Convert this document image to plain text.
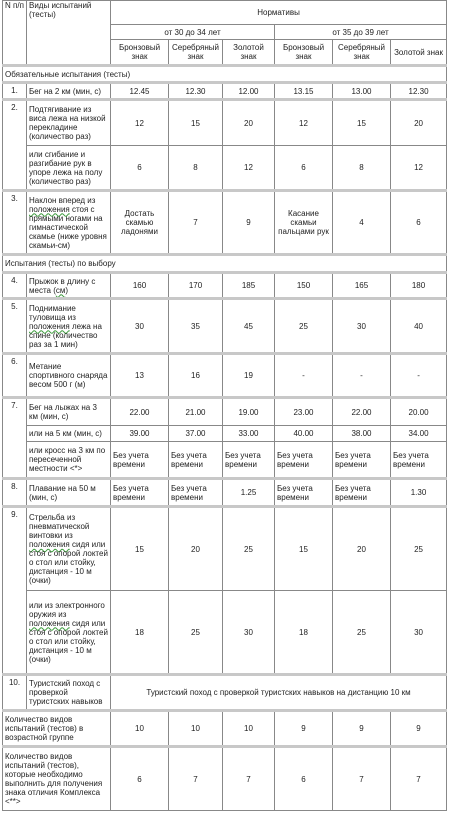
N п/п	Виды испытаний (тесты)	Нормативы					
		от 30 до 34 лет			от 35 до 39 лет		
		Бронзовый знак	Серебряный знак	Золотой знак	Бронзовый знак	Серебряный знак	Золотой знак
Обязательные испытания (тесты)							
1.	Бег на 2 км (мин, с)	12.45	12.30	12.00	13.15	13.00	12.30
2.	Подтягивание из виса лежа на низкой перекладине (количество раз)	12	15	20	12	15	20
	или сгибание и разгибание рук в упоре лежа на полу (количество раз)	6	8	12	6	8	12
3.	Наклон вперед из положения стоя с прямыми ногами на гимнастической скамье (ниже уровня скамьи-см)	Достать скамью ладонями	7	9	Касание скамьи пальцами рук	4	6
Испытания (тесты) по выбору							
4.	Прыжок в длину с места (см)	160	170	185	150	165	180
5.	Поднимание туловища из положения лежа на спине (количество раз за 1 мин)	30	35	45	25	30	40
6.	Метание спортивного снаряда весом 500 г (м)	13	16	19	-	-	-
7.	Бег на лыжах на 3 км (мин, с)	22.00	21.00	19.00	23.00	22.00	20.00
	или на 5 км (мин, с)	39.00	37.00	33.00	40.00	38.00	34.00
	или кросс на 3 км по пересеченной местности <*>	Без учета времени	Без учета времени	Без учета времени	Без учета времени	Без учета времени	Без учета времени
8.	Плавание на 50 м (мин, с)	Без учета времени	Без учета времени	1.25	Без учета времени	Без учета времени	1.30
9.	Стрельба из пневматической винтовки из положения сидя или стоя с опорой локтей о стол или стойку, дистанция - 10 м (очки)	15	20	25	15	20	25
	или из электронного оружия из положения сидя или стоя с опорой локтей о стол или стойку, дистанция - 10 м (очки)	18	25	30	18	25	30
10.	Туристский поход с проверкой туристских навыков	Туристский поход с проверкой туристских навыков на дистанцию 10 км					
Количество видов испытаний (тестов) в возрастной группе		10	10	10	9	9	9
Количество видов испытаний (тестов), которые необходимо выполнить для получения знака отличия Комплекса <**>		6	7	7	6	7	7
